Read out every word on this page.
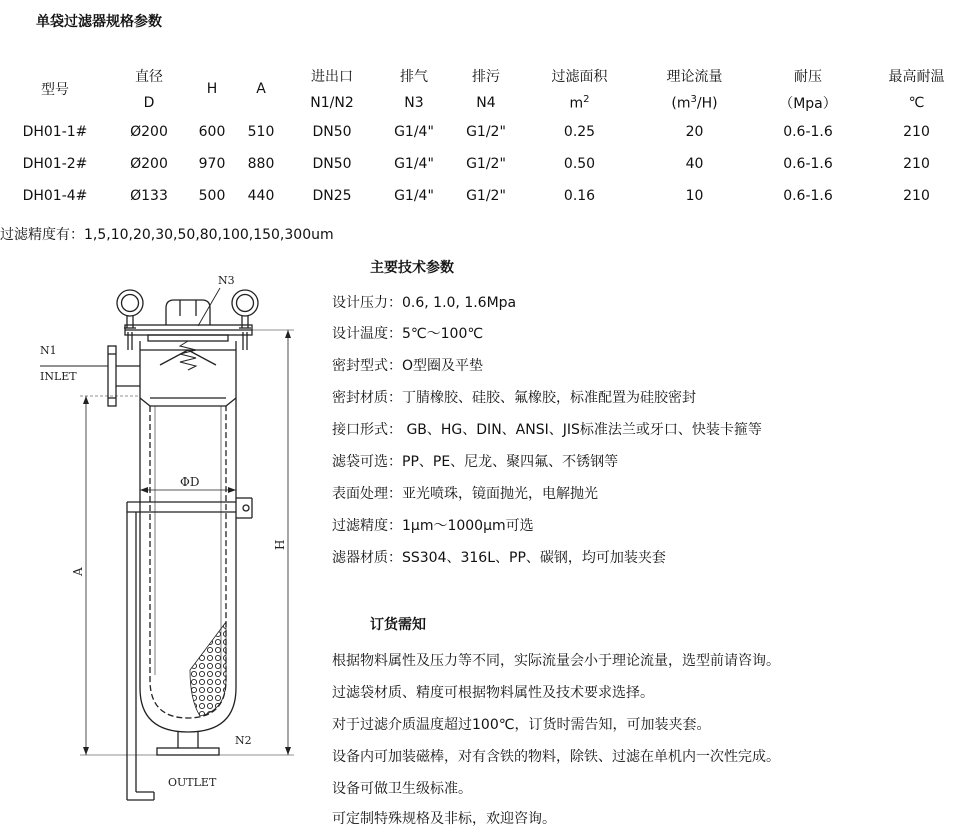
单袋过滤器规格参数
型号	直径	H	A	进出口	排气	排污	过滤面积	理论流量	耐压	最高耐温
	D			N1/N2	N3	N4	$m^2$	$(m^3/H)$	（Mpa）	℃
DH01-1#	Ø200	600	510	DN50	G1/4"	G1/2"	0.25	20	0.6-1.6	210
DH01-2#	Ø200	970	880	DN50	G1/4"	G1/2"	0.50	40	0.6-1.6	210
DH01-4#	Ø133	500	440	DN25	G1/4"	G1/2"	0.16	10	0.6-1.6	210
过滤精度有：1,5,10,20,30,50,80,100,150,300um
主要技术参数
设计压力：0.6, 1.0, 1.6Mpa
设计温度：5℃～100℃
密封型式：O型圈及平垫
密封材质：丁腈橡胶、硅胶、氟橡胶，标准配置为硅胶密封
接口形式： GB、HG、DIN、ANSI、JIS标准法兰或牙口、快装卡箍等
滤袋可选：PP、PE、尼龙、聚四氟、不锈钢等
表面处理：亚光喷珠，镜面抛光，电解抛光
过滤精度：1μm～1000μm可选
滤器材质：SS304、316L、PP、碳钢，均可加装夹套
订货需知
根据物料属性及压力等不同，实际流量会小于理论流量，选型前请咨询。
过滤袋材质、精度可根据物料属性及技术要求选择。
对于过滤介质温度超过100℃，订货时需告知，可加装夹套。
设备内可加装磁棒，对有含铁的物料，除铁、过滤在单机内一次性完成。
设备可做卫生级标准。
可定制特殊规格及非标，欢迎咨询。
N3
N1
INLET
ΦD
OUTLET
N2
A
H
